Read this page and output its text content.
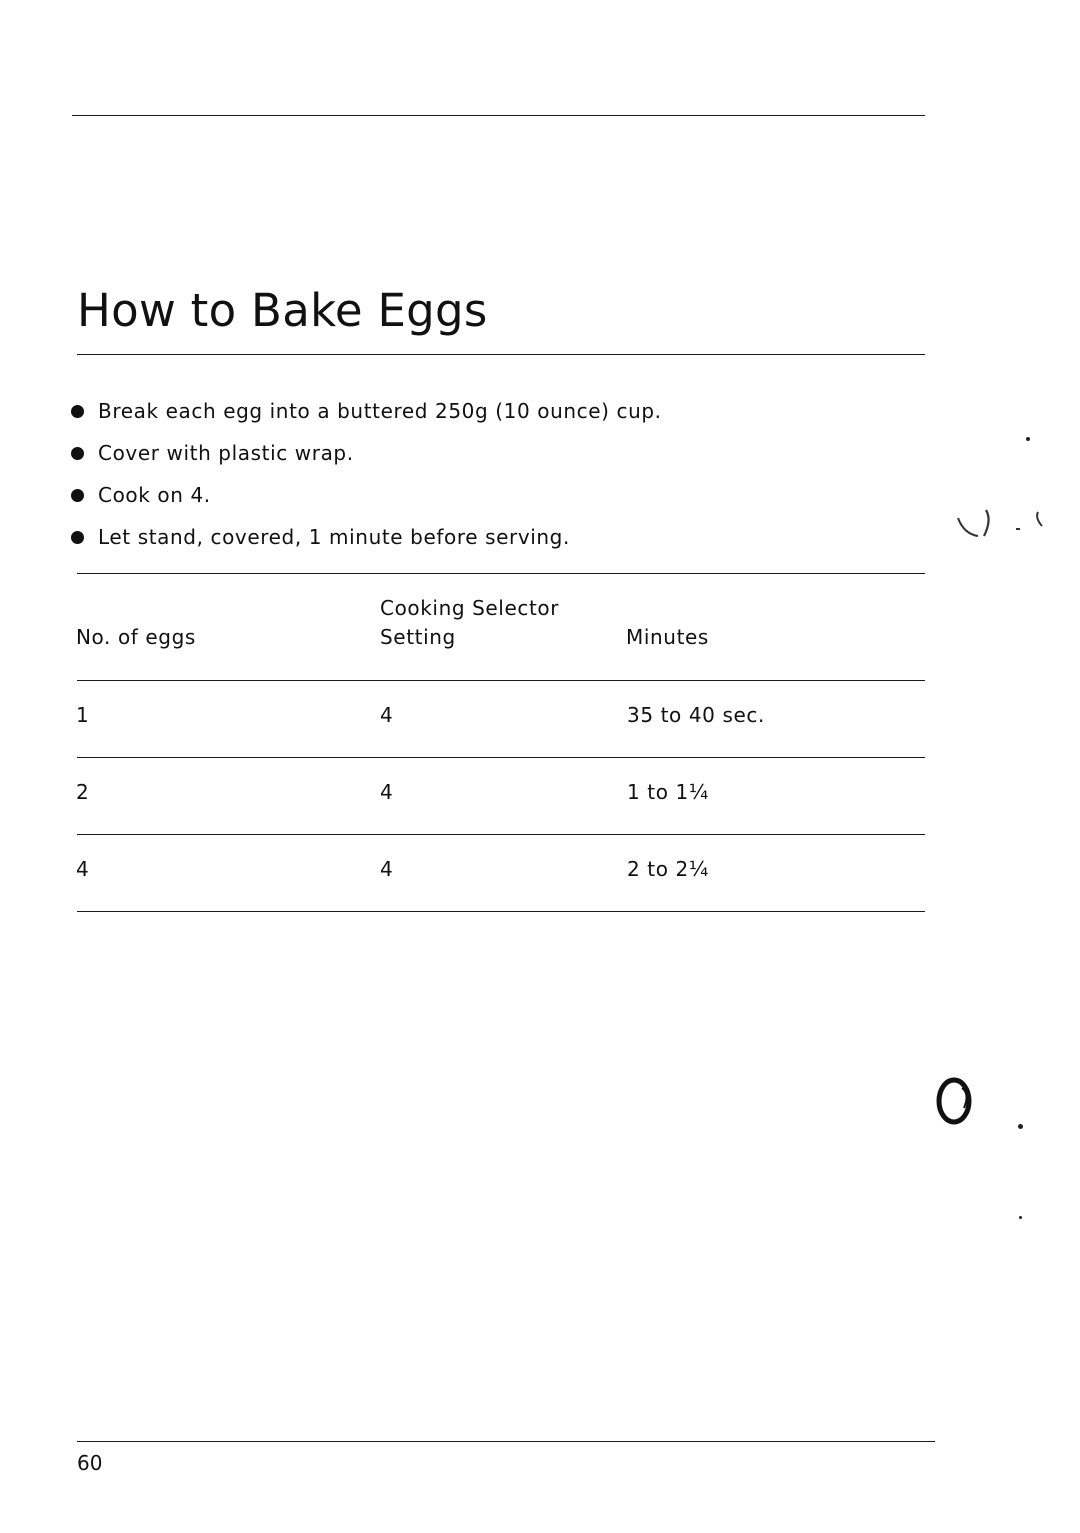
How to Bake Eggs
Break each egg into a buttered 250g (10 ounce) cup.
Cover with plastic wrap.
Cook on 4.
Let stand, covered, 1 minute before serving.
Cooking Selector
No. of eggs	Setting	Minutes
1	4	35 to 40 sec.
2	4	1 to 1¼
4	4	2 to 2¼
60
